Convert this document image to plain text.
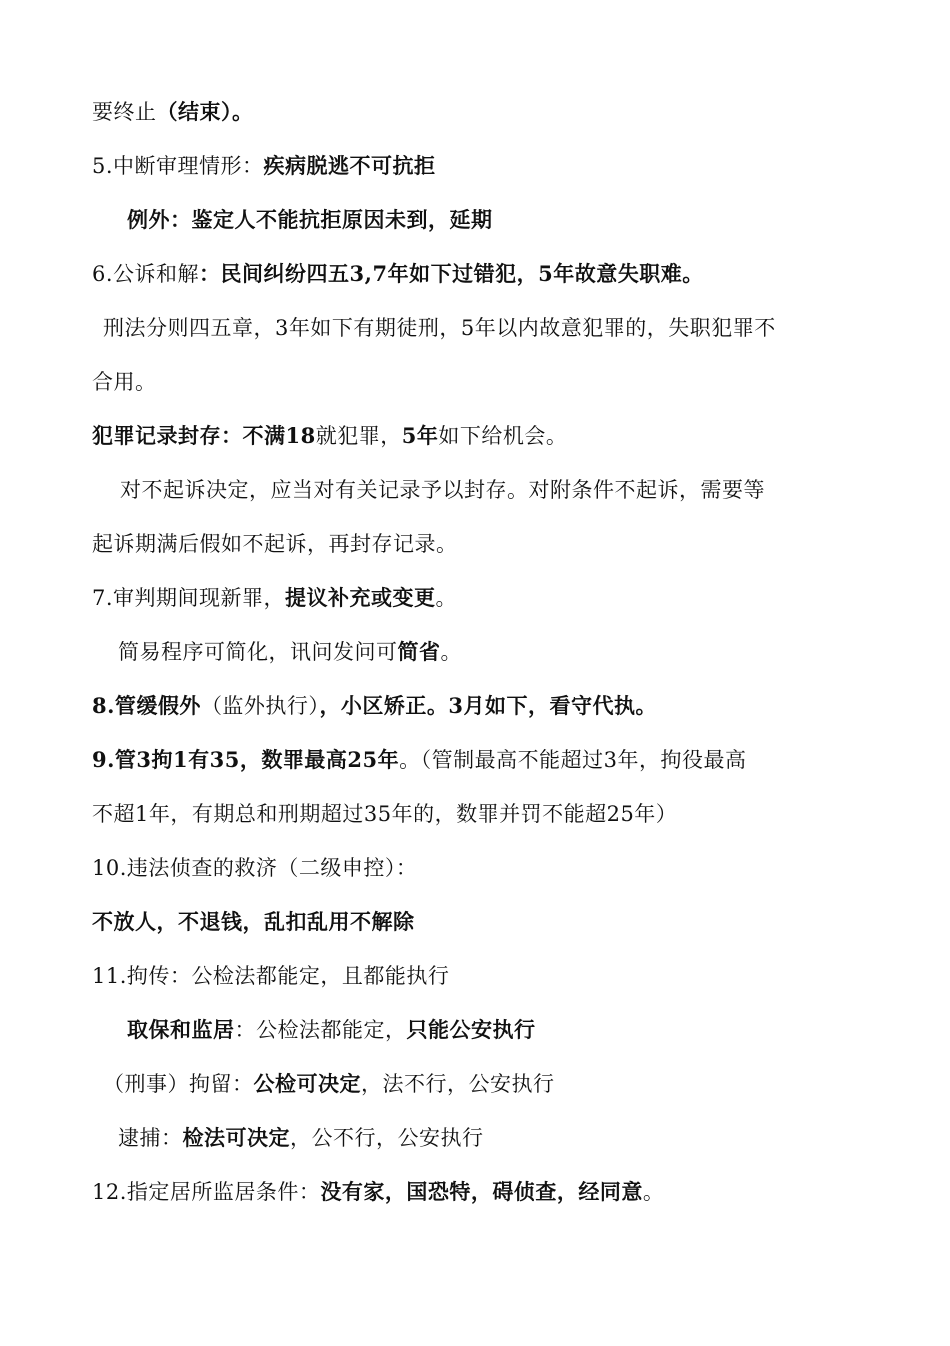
要终止（结束）。
5.中断审理情形：疾病脱逃不可抗拒
例外：鉴定人不能抗拒原因未到，延期
6.公诉和解：民间纠纷四五3,7年如下过错犯，5年故意失职难。
刑法分则四五章，3年如下有期徒刑，5年以内故意犯罪的，失职犯罪不
合用。
犯罪记录封存：不满18就犯罪，5年如下给机会。
对不起诉决定，应当对有关记录予以封存。对附条件不起诉，需要等
起诉期满后假如不起诉，再封存记录。
7.审判期间现新罪，提议补充或变更。
简易程序可简化，讯问发问可简省。
8.管缓假外（监外执行），小区矫正。3月如下，看守代执。
9.管3拘1有35，数罪最高25年。（管制最高不能超过3年，拘役最高
不超1年，有期总和刑期超过35年的，数罪并罚不能超25年）
10.违法侦查的救济（二级申控）：
不放人，不退钱，乱扣乱用不解除
11.拘传：公检法都能定，且都能执行
取保和监居：公检法都能定，只能公安执行
（刑事）拘留：公检可决定，法不行，公安执行
逮捕：检法可决定，公不行，公安执行
12.指定居所监居条件：没有家，国恐特，碍侦查，经同意。
